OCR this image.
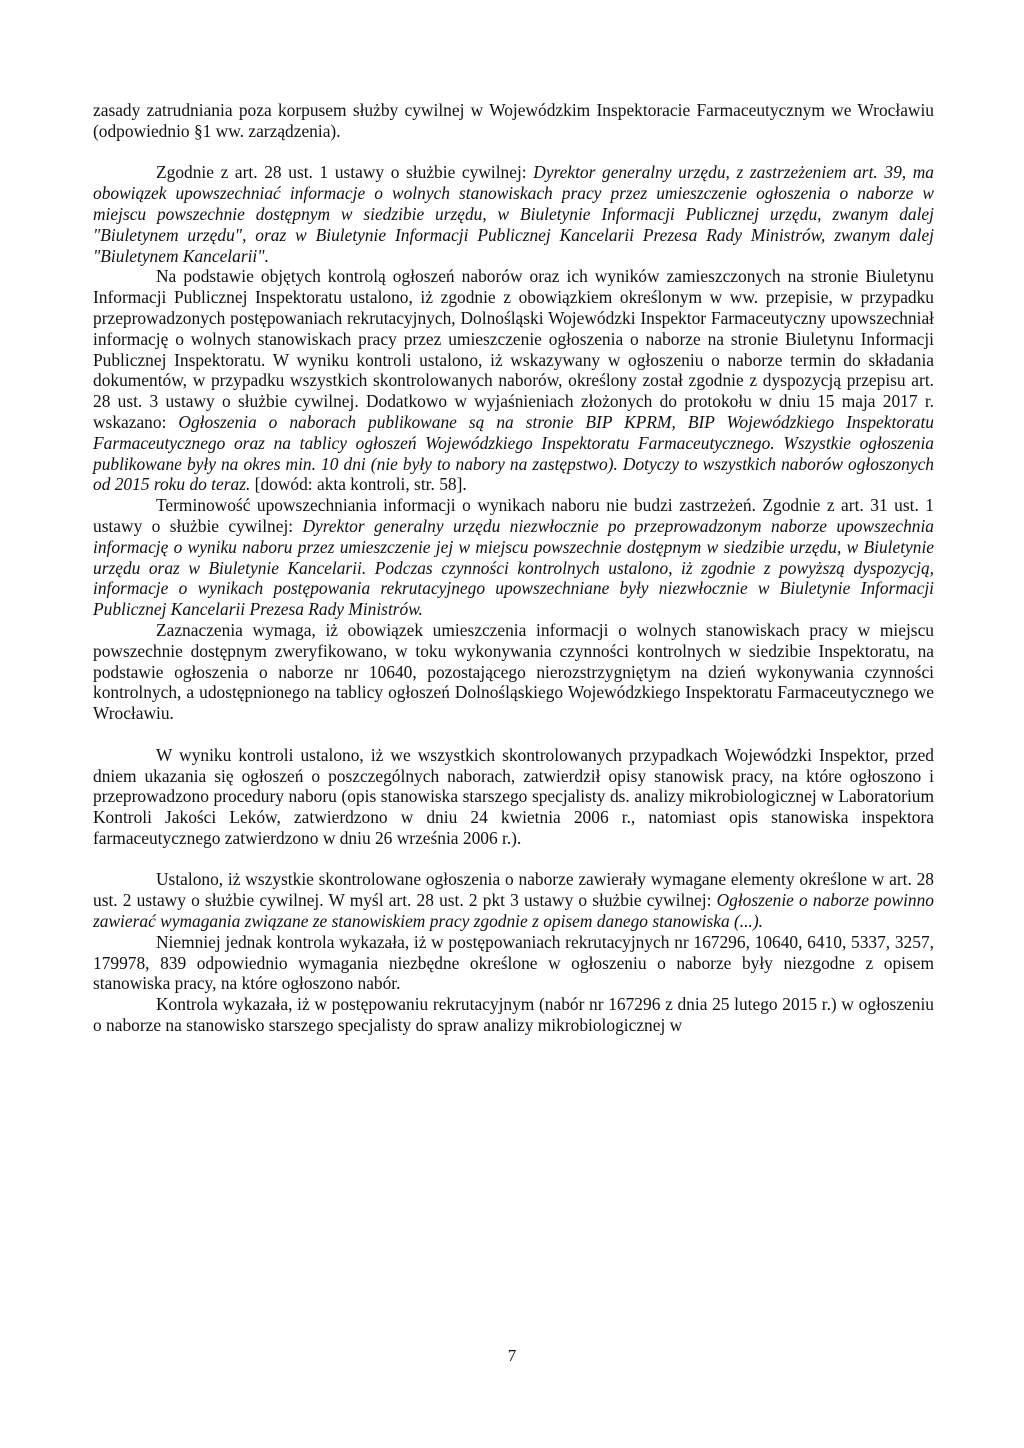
zasady zatrudniania poza korpusem służby cywilnej w Wojewódzkim Inspektoracie Farmaceutycznym we Wrocławiu (odpowiednio §1 ww. zarządzenia).

Zgodnie z art. 28 ust. 1 ustawy o służbie cywilnej: Dyrektor generalny urzędu, z zastrzeżeniem art. 39, ma obowiązek upowszechniać informacje o wolnych stanowiskach pracy przez umieszczenie ogłoszenia o naborze w miejscu powszechnie dostępnym w siedzibie urzędu, w Biuletynie Informacji Publicznej urzędu, zwanym dalej "Biuletynem urzędu", oraz w Biuletynie Informacji Publicznej Kancelarii Prezesa Rady Ministrów, zwanym dalej "Biuletynem Kancelarii".

Na podstawie objętych kontrolą ogłoszeń naborów oraz ich wyników zamieszczonych na stronie Biuletynu Informacji Publicznej Inspektoratu ustalono, iż zgodnie z obowiązkiem określonym w ww. przepisie, w przypadku przeprowadzonych postępowaniach rekrutacyjnych, Dolnośląski Wojewódzki Inspektor Farmaceutyczny upowszechniał informację o wolnych stanowiskach pracy przez umieszczenie ogłoszenia o naborze na stronie Biuletynu Informacji Publicznej Inspektoratu. W wyniku kontroli ustalono, iż wskazywany w ogłoszeniu o naborze termin do składania dokumentów, w przypadku wszystkich skontrolowanych naborów, określony został zgodnie z dyspozycją przepisu art. 28 ust. 3 ustawy o służbie cywilnej. Dodatkowo w wyjaśnieniach złożonych do protokołu w dniu 15 maja 2017 r. wskazano: Ogłoszenia o naborach publikowane są na stronie BIP KPRM, BIP Wojewódzkiego Inspektoratu Farmaceutycznego oraz na tablicy ogłoszeń Wojewódzkiego Inspektoratu Farmaceutycznego. Wszystkie ogłoszenia publikowane były na okres min. 10 dni (nie były to nabory na zastępstwo). Dotyczy to wszystkich naborów ogłoszonych od 2015 roku do teraz. [dowód: akta kontroli, str. 58].

Terminowość upowszechniania informacji o wynikach naboru nie budzi zastrzeżeń. Zgodnie z art. 31 ust. 1 ustawy o służbie cywilnej: Dyrektor generalny urzędu niezwłocznie po przeprowadzonym naborze upowszechnia informację o wyniku naboru przez umieszczenie jej w miejscu powszechnie dostępnym w siedzibie urzędu, w Biuletynie urzędu oraz w Biuletynie Kancelarii. Podczas czynności kontrolnych ustalono, iż zgodnie z powyższą dyspozycją, informacje o wynikach postępowania rekrutacyjnego upowszechniane były niezwłocznie w Biuletynie Informacji Publicznej Kancelarii Prezesa Rady Ministrów.

Zaznaczenia wymaga, iż obowiązek umieszczenia informacji o wolnych stanowiskach pracy w miejscu powszechnie dostępnym zweryfikowano, w toku wykonywania czynności kontrolnych w siedzibie Inspektoratu, na podstawie ogłoszenia o naborze nr 10640, pozostającego nierozstrzygniętym na dzień wykonywania czynności kontrolnych, a udostępnionego na tablicy ogłoszeń Dolnośląskiego Wojewódzkiego Inspektoratu Farmaceutycznego we Wrocławiu.

W wyniku kontroli ustalono, iż we wszystkich skontrolowanych przypadkach Wojewódzki Inspektor, przed dniem ukazania się ogłoszeń o poszczególnych naborach, zatwierdził opisy stanowisk pracy, na które ogłoszono i przeprowadzono procedury naboru (opis stanowiska starszego specjalisty ds. analizy mikrobiologicznej w Laboratorium Kontroli Jakości Leków, zatwierdzono w dniu 24 kwietnia 2006 r., natomiast opis stanowiska inspektora farmaceutycznego zatwierdzono w dniu 26 września 2006 r.).

Ustalono, iż wszystkie skontrolowane ogłoszenia o naborze zawierały wymagane elementy określone w art. 28 ust. 2 ustawy o służbie cywilnej. W myśl art. 28 ust. 2 pkt 3 ustawy o służbie cywilnej: Ogłoszenie o naborze powinno zawierać wymagania związane ze stanowiskiem pracy zgodnie z opisem danego stanowiska (...).

Niemniej jednak kontrola wykazała, iż w postępowaniach rekrutacyjnych nr 167296, 10640, 6410, 5337, 3257, 179978, 839 odpowiednio wymagania niezbędne określone w ogłoszeniu o naborze były niezgodne z opisem stanowiska pracy, na które ogłoszono nabór.

Kontrola wykazała, iż w postępowaniu rekrutacyjnym (nabór nr 167296 z dnia 25 lutego 2015 r.) w ogłoszeniu o naborze na stanowisko starszego specjalisty do spraw analizy mikrobiologicznej w

7
